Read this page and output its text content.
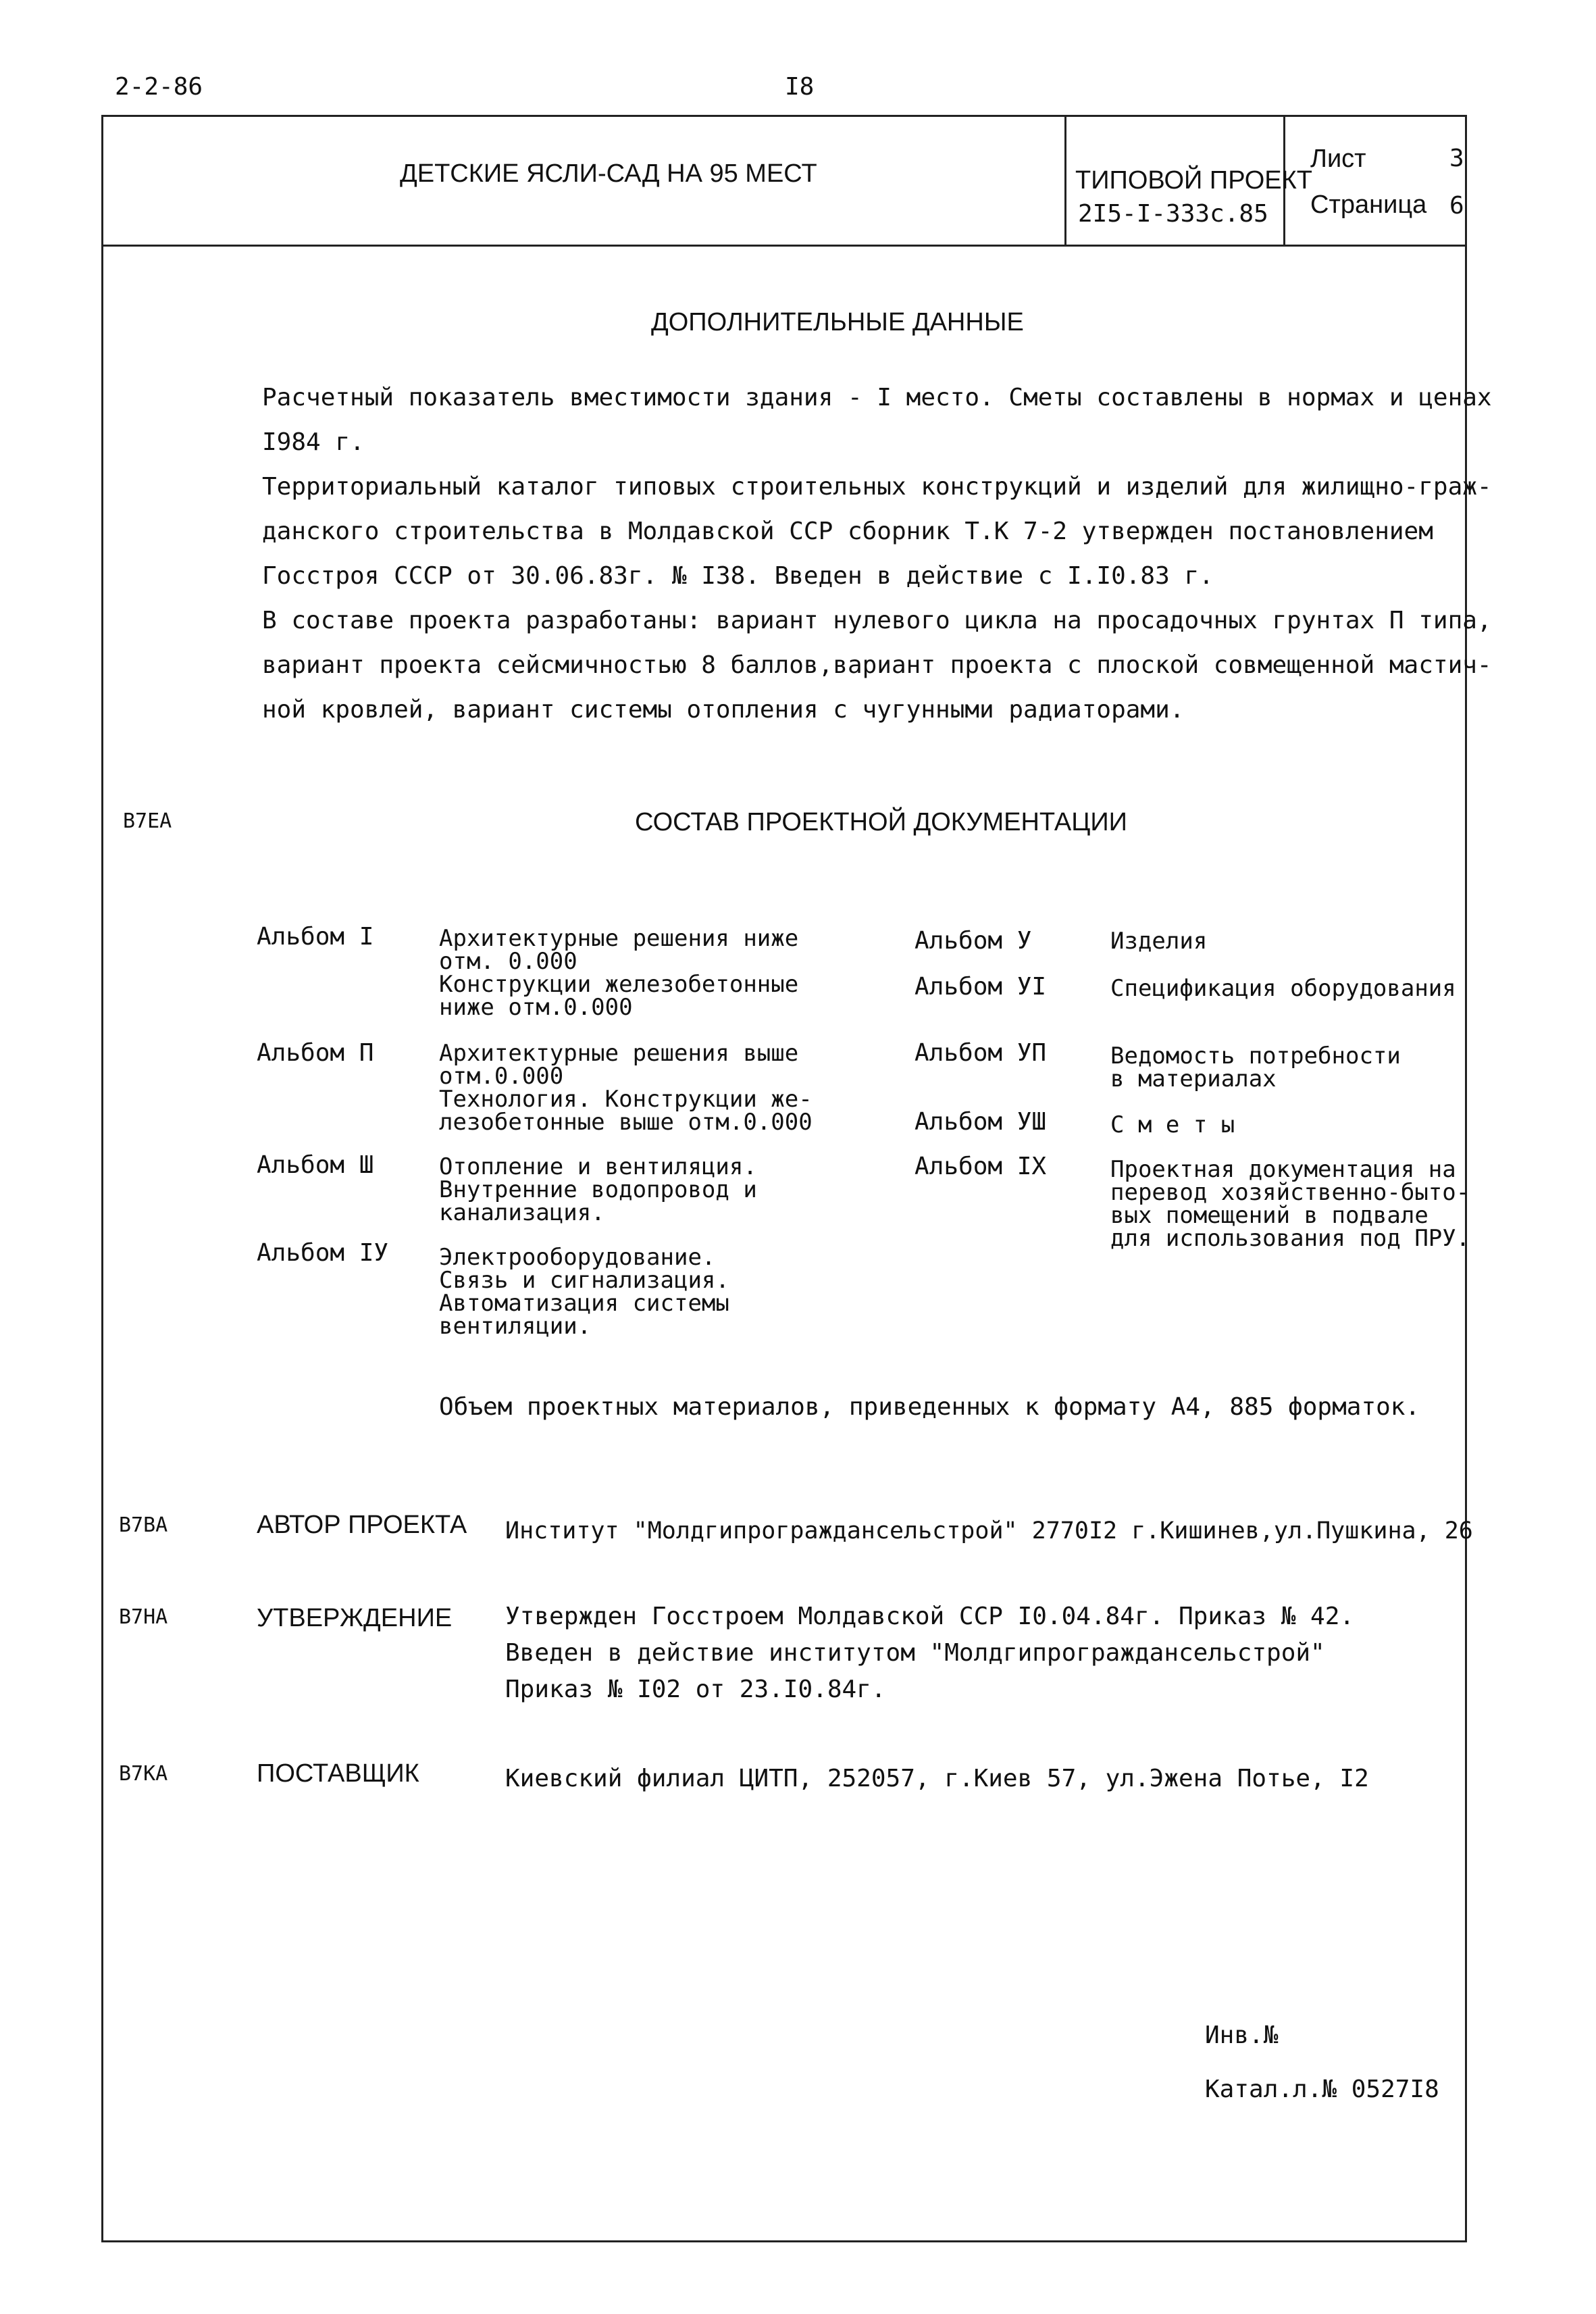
2-2-86	I8
ДЕТСКИЕ ЯСЛИ-САД НА 95 МЕСТ	ТИПОВОЙ ПРОЕКТ
2I5-I-333с.85
Лист	3
Страница 6
ДОПОЛНИТЕЛЬНЫЕ ДАННЫЕ

Расчетный показатель вместимости здания - I место. Сметы составлены в нормах и ценах

I984 г.

Территориальный каталог типовых строительных конструкций и изделий для жилищно-граж-

данского строительства в Молдавской ССР сборник Т.К 7-2 утвержден постановлением

Госстроя СССР от 30.06.83г. № I38. Введен в действие с I.I0.83 г.

В составе проекта разработаны: вариант нулевого цикла на просадочных грунтах П типа,

вариант проекта сейсмичностью 8 баллов,вариант проекта с плоской совмещенной мастич-

ной кровлей, вариант системы отопления с чугунными радиаторами.

В7ЕА	СОСТАВ ПРОЕКТНОЙ ДОКУМЕНТАЦИИ
Альбом I	Архитектурные решения ниже
отм. 0.000
Конструкции железобетонные
ниже отм.0.000
Альбом П	Архитектурные решения выше
отм.0.000
Технология. Конструкции же-
лезобетонные выше отм.0.000
Альбом Ш	Отопление и вентиляция.
Внутренние водопровод и
канализация.
Альбом IУ Электрооборудование.
Связь и сигнализация.
Автоматизация системы
вентиляции.
Альбом У	Изделия
Альбом УI	Спецификация оборудования
Альбом УП	Ведомость потребности
в материалах
Альбом УШ	С м е т ы
Альбом IХ	Проектная документация на
перевод хозяйственно-быто-
вых помещений в подвале
для использования под ПРУ.
Объем проектных материалов, приведенных к формату А4, 885 форматок.
В7ВА	АВТОР ПРОЕКТА Институт "Молдгипрограждансельстрой" 2770I2 г.Кишинев,ул.Пушкина, 26
В7НА	УТВЕРЖДЕНИЕ Утвержден Госстроем Молдавской ССР I0.04.84г. Приказ № 42.

Введен в действие институтом "Молдгипрограждансельстрой"

Приказ № I02 от 23.I0.84г.

В7КА	ПОСТАВЩИК	Киевский филиал ЦИТП, 252057, г.Киев 57, ул.Эжена Потье, I2
Инв.№
Катал.л.№ 0527I8
